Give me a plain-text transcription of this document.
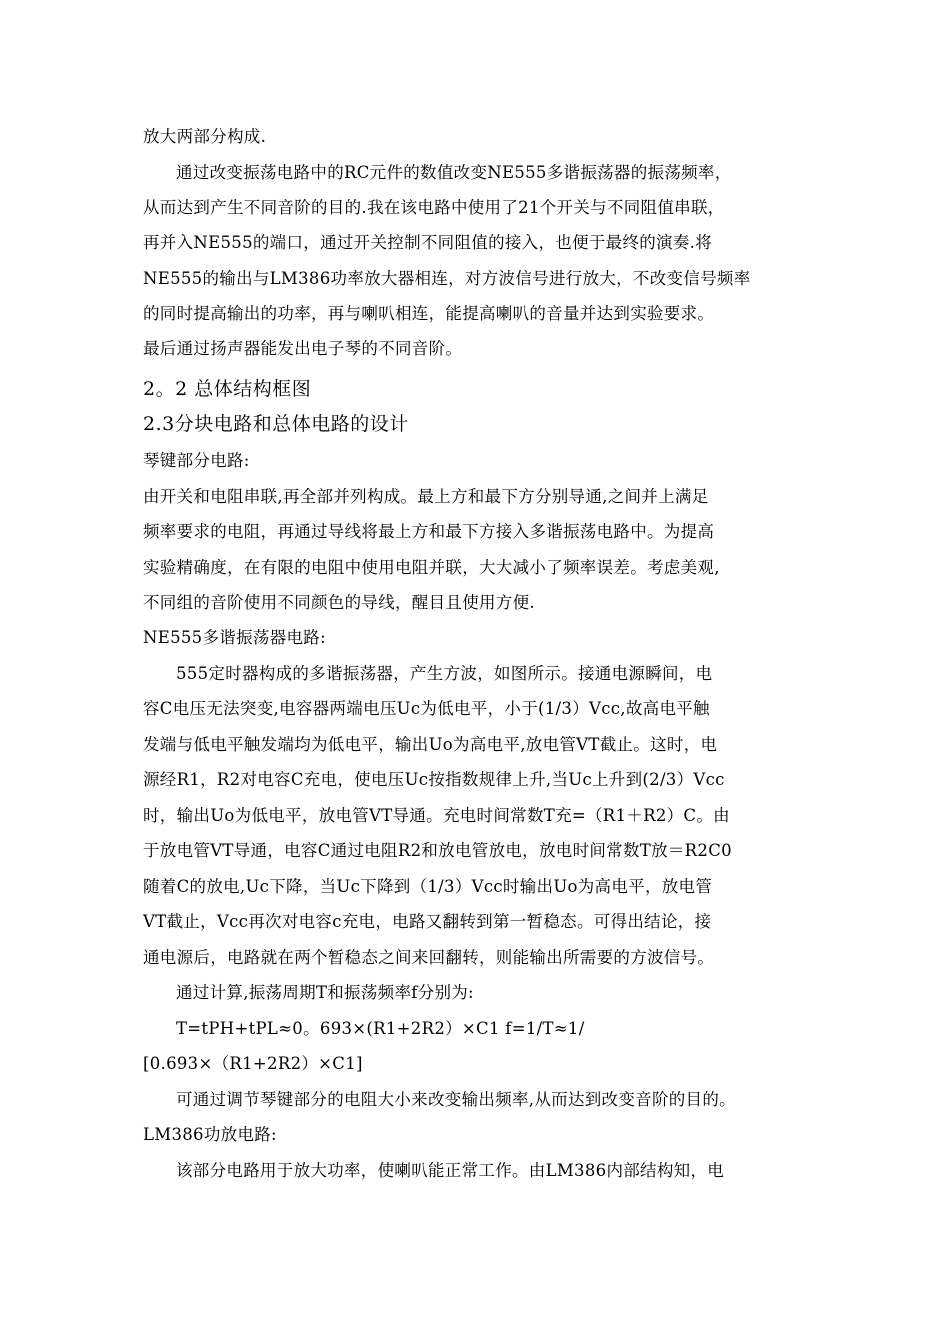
放大两部分构成.
通过改变振荡电路中的RC元件的数值改变NE555多谐振荡器的振荡频率，
从而达到产生不同音阶的目的.我在该电路中使用了21个开关与不同阻值串联，
再并入NE555的端口，通过开关控制不同阻值的接入，也便于最终的演奏.将
NE555的输出与LM386功率放大器相连，对方波信号进行放大，不改变信号频率
的同时提高输出的功率，再与喇叭相连，能提高喇叭的音量并达到实验要求。
最后通过扬声器能发出电子琴的不同音阶。
2。2 总体结构框图
2.3分块电路和总体电路的设计
琴键部分电路:
由开关和电阻串联,再全部并列构成。最上方和最下方分别导通,之间并上满足
频率要求的电阻，再通过导线将最上方和最下方接入多谐振荡电路中。为提高
实验精确度，在有限的电阻中使用电阻并联，大大减小了频率误差。考虑美观,
不同组的音阶使用不同颜色的导线，醒目且使用方便.
NE555多谐振荡器电路:
555定时器构成的多谐振荡器，产生方波，如图所示。接通电源瞬间，电
容C电压无法突变,电容器两端电压Uc为低电平，小于(1/3）Vcc,故高电平触
发端与低电平触发端均为低电平，输出Uo为高电平,放电管VT截止。这时，电
源经R1，R2对电容C充电，使电压Uc按指数规律上升,当Uc上升到(2/3）Vcc
时，输出Uo为低电平，放电管VT导通。充电时间常数T充=（R1＋R2）C。由
于放电管VT导通，电容C通过电阻R2和放电管放电，放电时间常数T放＝R2C0
随着C的放电,Uc下降，当Uc下降到（1/3）Vcc时输出Uo为高电平，放电管
VT截止，Vcc再次对电容c充电，电路又翻转到第一暂稳态。可得出结论，接
通电源后，电路就在两个暂稳态之间来回翻转，则能输出所需要的方波信号。
通过计算,振荡周期T和振荡频率f分别为:
T=tPH+tPL≈0。693×(R1+2R2）×C1 f=1/T≈1/
[0.693×（R1+2R2）×C1]
可通过调节琴键部分的电阻大小来改变输出频率,从而达到改变音阶的目的。
LM386功放电路:
该部分电路用于放大功率，使喇叭能正常工作。由LM386内部结构知，电
